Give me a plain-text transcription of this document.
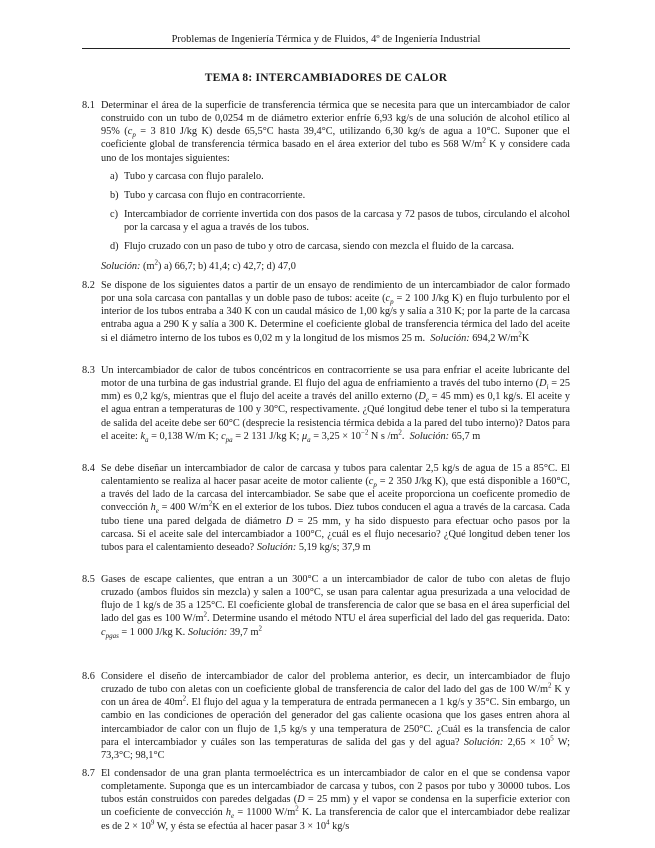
Problemas de Ingeniería Térmica y de Fluidos, 4º de Ingeniería Industrial
TEMA 8: INTERCAMBIADORES DE CALOR
8.1 Determinar el área de la superficie de transferencia térmica que se necesita para que un intercambiador de calor construido con un tubo de 0,0254 m de diámetro exterior enfríe 6,93 kg/s de una solución de alcohol etílico al 95% ($c_p = 3$ 810 J/kg K) desde 65,5°C hasta 39,4°C, utilizando 6,30 kg/s de agua a 10°C. Suponer que el coeficiente global de transferencia térmica basado en el área exterior del tubo es 568 $W/m^2$ K y considere cada uno de los montajes siguientes:
a) Tubo y carcasa con flujo paralelo.
b) Tubo y carcasa con flujo en contracorriente.
c) Intercambiador de corriente invertida con dos pasos de la carcasa y 72 pasos de tubos, circulando el alcohol por la carcasa y el agua a través de los tubos.
d) Flujo cruzado con un paso de tubo y otro de carcasa, siendo con mezcla el fluido de la carcasa.
Solución: $(m^2)$ a) 66,7; b) 41,4; c) 42,7; d) 47,0
8.2 Se dispone de los siguientes datos a partir de un ensayo de rendimiento de un intercambiador de calor formado por una sola carcasa con pantallas y un doble paso de tubos: aceite ($c_p = 2$ 100 J/kg K) en flujo turbulento por el interior de los tubos entraba a 340 K con un caudal másico de 1,00 kg/s y salía a 310 K; por la parte de la carcasa entraba agua a 290 K y salía a 300 K. Determine el coeficiente global de transferencia térmica del lado del aceite si el diámetro interno de los tubos es 0,02 m y la longitud de los mismos 25 m.  Solución: 694,2 $W/m^2K$
8.3 Un intercambiador de calor de tubos concéntricos en contracorriente se usa para enfriar el aceite lubricante del motor de una turbina de gas industrial grande. El flujo del agua de enfriamiento a través del tubo interno ($D_i = 25$ mm) es 0,2 kg/s, mientras que el flujo del aceite a través del anillo externo ($D_e = 45$ mm) es 0,1 kg/s. El aceite y el agua entran a temperaturas de 100 y 30°C, respectivamente. ¿Qué longitud debe tener el tubo si la temperatura de salida del aceite debe ser 60°C (desprecie la resistencia térmica debida a la pared del tubo interno)? Datos para el aceite: $k_a = 0,138$ W/m K; $c_{pa} = 2$ 131 J/kg K; $\mu_a = 3,25 \times 10^{-2}$ N s $/m^2$.  Solución: 65,7 m
8.4 Se debe diseñar un intercambiador de calor de carcasa y tubos para calentar 2,5 kg/s de agua de 15 a 85°C. El calentamiento se realiza al hacer pasar aceite de motor caliente ($c_p = 2$ 350 J/kg K), que está disponible a 160°C, a través del lado de la carcasa del intercambiador. Se sabe que el aceite proporciona un coeficente promedio de convección $h_e = 400$ $W/m^2K$ en el exterior de los tubos. Diez tubos conducen el agua a través de la carcasa. Cada tubo tiene una pared delgada de diámetro D = 25 mm, y ha sido dispuesto para efectuar ocho pasos por la carcasa. Si el aceite sale del intercambiador a 100°C, ¿cuál es el flujo necesario? ¿Qué longitud deben tener los tubos para el calentamiento deseado? Solución: 5,19 kg/s; 37,9 m
8.5 Gases de escape calientes, que entran a un 300°C a un intercambiador de calor de tubo con aletas de flujo cruzado (ambos fluidos sin mezcla) y salen a 100°C, se usan para calentar agua presurizada a una velocidad de flujo de 1 kg/s de 35 a 125°C. El coeficiente global de transferencia de calor que se basa en el área superficial del lado del gas es 100 $W/m^2$. Determine usando el método NTU el área superficial del lado del gas requerida. Dato: $c_{pgas} = 1$ 000 J/kg K. Solución: 39,7 $m^2$
8.6 Considere el diseño de intercambiador de calor del problema anterior, es decir, un intercambiador de flujo cruzado de tubo con aletas con un coeficiente global de transferencia de calor del lado del gas de 100 $W/m^2$ K y con un área de $40m^2$. El flujo del agua y la temperatura de entrada permanecen a 1 kg/s y 35°C. Sin embargo, un cambio en las condiciones de operación del generador del gas caliente ocasiona que los gases entren ahora al intercambiador de calor con un flujo de 1,5 kg/s y una temperatura de 250°C. ¿Cuál es la transfencia de calor para el intercambiador y cuáles son las temperaturas de salida del gas y del agua? Solución: $2,65 \times 10^5$ W; 73,3°C; 98,1°C
8.7 El condensador de una gran planta termoeléctrica es un intercambiador de calor en el que se condensa vapor completamente. Suponga que es un intercambiador de carcasa y tubos, con 2 pasos por tubo y 30000 tubos. Los tubos están construidos con paredes delgadas (D = 25 mm) y el vapor se condensa en la superficie exterior con un coeficiente de convección $h_e = 11000$ $W/m^2$ K. La transferencia de calor que el intercambiador debe realizar es de $2 \times 10^9$ W, y ésta se efectúa al hacer pasar $3 \times 10^4$ kg/s
